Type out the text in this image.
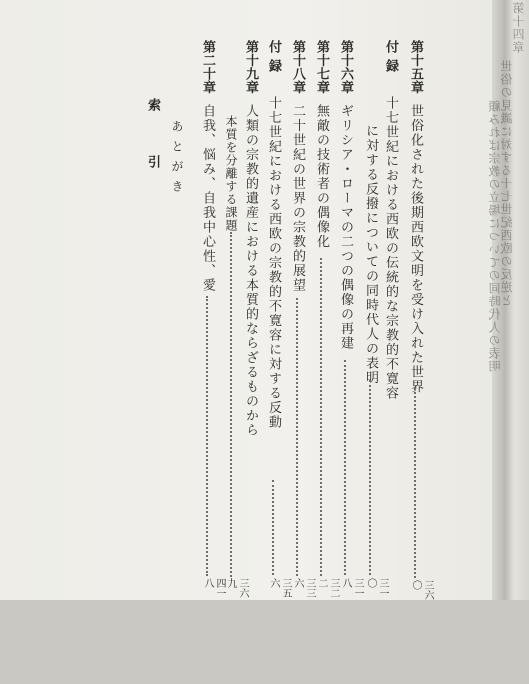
第十五章世俗化された後期西欧文明を受け入れた世界
三六〇
付録十七世紀における西欧の伝統的な宗教的不寛容
に対する反撥についての同時代人の表明
三一〇
第十六章ギリシア・ローマの二つの偶像の再建
三一八
第十七章無敵の技術者の偶像化
三二二
第十八章二十世紀の世界の宗教的展望
三三六
付録十七世紀における西欧の宗教的不寛容に対する反動
三五六
第十九章人類の宗教的遺産における本質的ならざるものから
本質を分離する課題
三六九
第二十章自我、悩み、自我中心性、愛
四一八
あとがき
索　　引
第十四章
世俗の見識に対する十七世紀西欧の反逆と
顧みれば宗教の立場についての同時代人の表明
